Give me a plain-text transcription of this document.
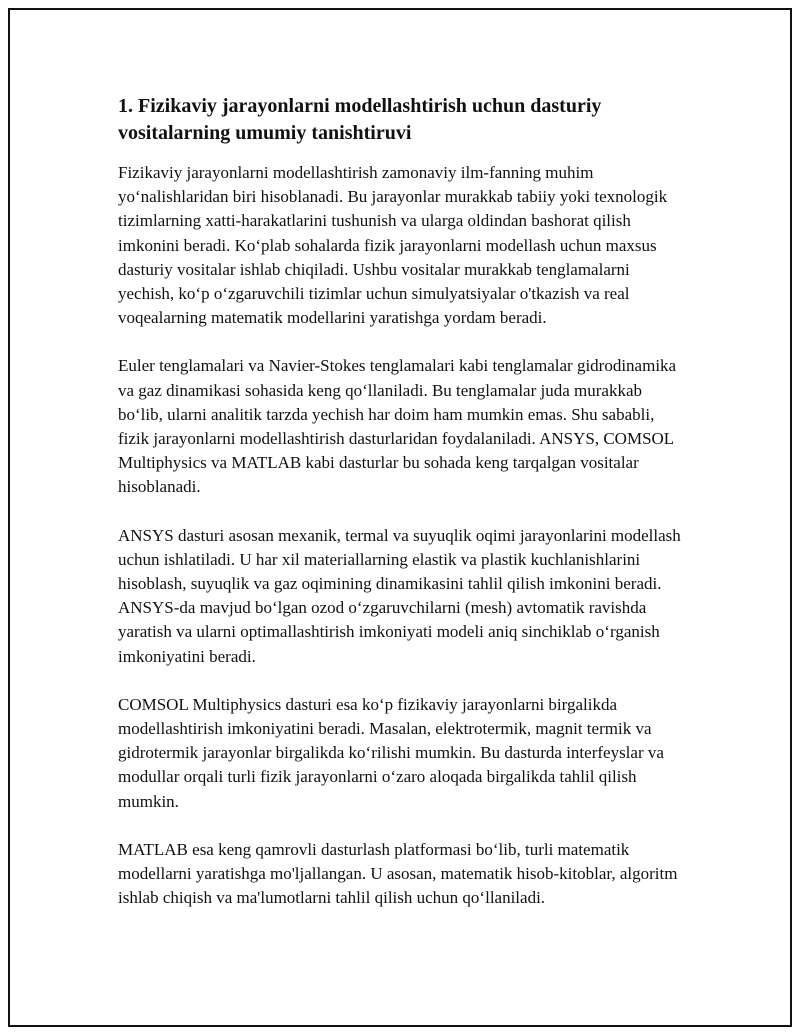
1. Fizikaviy jarayonlarni modellashtirish uchun dasturiy vositalarning umumiy tanishtiruvi

Fizikaviy jarayonlarni modellashtirish zamonaviy ilm-fanning muhim yo‘nalishlaridan biri hisoblanadi. Bu jarayonlar murakkab tabiiy yoki texnologik tizimlarning xatti-harakatlarini tushunish va ularga oldindan bashorat qilish imkonini beradi. Ko‘plab sohalarda fizik jarayonlarni modellash uchun maxsus dasturiy vositalar ishlab chiqiladi. Ushbu vositalar murakkab tenglamalarni yechish, ko‘p o‘zgaruvchili tizimlar uchun simulyatsiyalar o'tkazish va real voqealarning matematik modellarini yaratishga yordam beradi.

Euler tenglamalari va Navier-Stokes tenglamalari kabi tenglamalar gidrodinamika va gaz dinamikasi sohasida keng qo‘llaniladi. Bu tenglamalar juda murakkab bo‘lib, ularni analitik tarzda yechish har doim ham mumkin emas. Shu sababli, fizik jarayonlarni modellashtirish dasturlaridan foydalaniladi. ANSYS, COMSOL Multiphysics va MATLAB kabi dasturlar bu sohada keng tarqalgan vositalar hisoblanadi.

ANSYS dasturi asosan mexanik, termal va suyuqlik oqimi jarayonlarini modellash uchun ishlatiladi. U har xil materiallarning elastik va plastik kuchlanishlarini hisoblash, suyuqlik va gaz oqimining dinamikasini tahlil qilish imkonini beradi. ANSYS-da mavjud bo‘lgan ozod o‘zgaruvchilarni (mesh) avtomatik ravishda yaratish va ularni optimallashtirish imkoniyati modeli aniq sinchiklab o‘rganish imkoniyatini beradi.

COMSOL Multiphysics dasturi esa ko‘p fizikaviy jarayonlarni birgalikda modellashtirish imkoniyatini beradi. Masalan, elektrotermik, magnit termik va gidrotermik jarayonlar birgalikda ko‘rilishi mumkin. Bu dasturda interfeyslar va modullar orqali turli fizik jarayonlarni o‘zaro aloqada birgalikda tahlil qilish mumkin.

MATLAB esa keng qamrovli dasturlash platformasi bo‘lib, turli matematik modellarni yaratishga mo'ljallangan. U asosan, matematik hisob-kitoblar, algoritm ishlab chiqish va ma'lumotlarni tahlil qilish uchun qo‘llaniladi.
